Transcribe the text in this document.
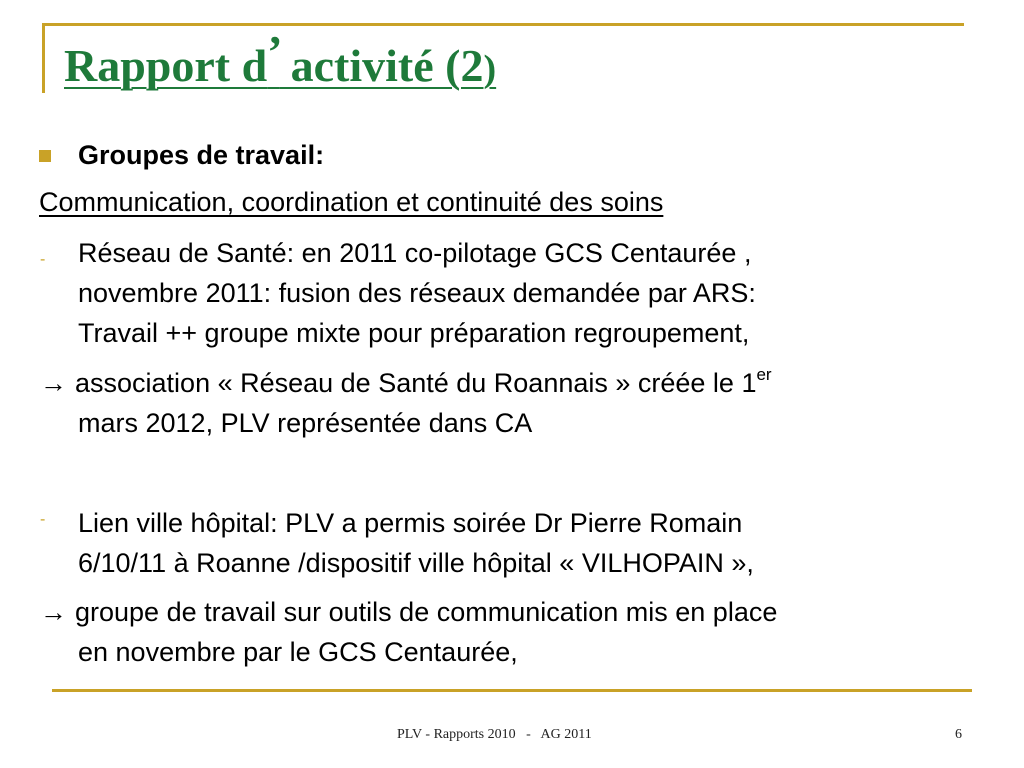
Rapport d’ activité (2)

Groupes de travail:

Communication, coordination et continuité des soins

- Réseau de Santé: en 2011 co-pilotage GCS Centaurée ,

novembre 2011: fusion des réseaux demandée par ARS:

Travail ++ groupe mixte pour préparation regroupement,

→ association « Réseau de Santé du Roannais » créée le 1er

mars 2012, PLV représentée dans CA

- Lien ville hôpital: PLV a permis soirée Dr Pierre Romain

6/10/11 à Roanne /dispositif ville hôpital « VILHOPAIN »,

→ groupe de travail sur outils de communication mis en place

en novembre par le GCS Centaurée,

PLV - Rapports 2010   -   AG 2011	6
